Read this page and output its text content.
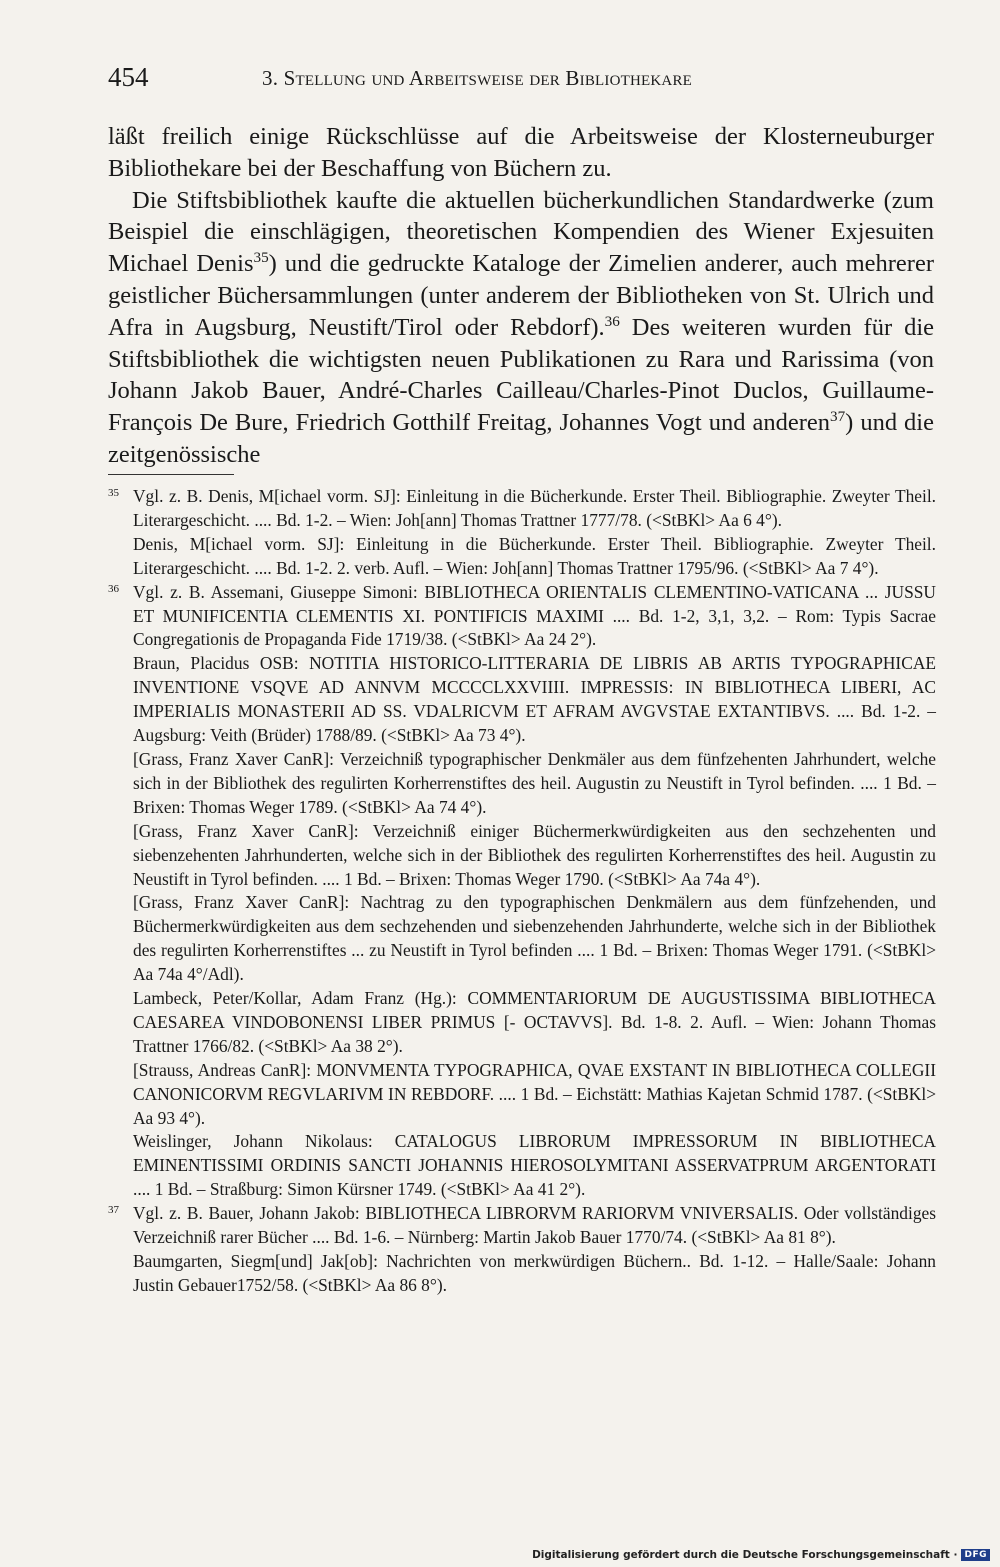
454	3. Stellung und Arbeitsweise der Bibliothekare

läßt freilich einige Rückschlüsse auf die Arbeitsweise der Klosterneuburger Bibliothekare bei der Beschaffung von Büchern zu.

Die Stiftsbibliothek kaufte die aktuellen bücherkundlichen Standardwerke (zum Beispiel die einschlägigen, theoretischen Kompendien des Wiener Exjesuiten Michael Denis$^{35}$) und die gedruckte Kataloge der Zimelien anderer, auch mehrerer geistlicher Büchersammlungen (unter anderem der Bibliotheken von St. Ulrich und Afra in Augsburg, Neustift/Tirol oder Rebdorf).$^{36}$ Des weiteren wurden für die Stiftsbibliothek die wichtigsten neuen Publikationen zu Rara und Rarissima (von Johann Jakob Bauer, André-Charles Cailleau/Charles-Pinot Duclos, Guillaume-François De Bure, Friedrich Gotthilf Freitag, Johannes Vogt und anderen$^{37}$) und die zeitgenössische

35 Vgl. z. B. Denis, M[ichael vorm. SJ]: Einleitung in die Bücherkunde. Erster Theil. Bibliographie. Zweyter Theil. Literargeschicht. .... Bd. 1-2. – Wien: Joh[ann] Thomas Trattner 1777/78. (<StBKl> Aa 6 4°).

Denis, M[ichael vorm. SJ]: Einleitung in die Bücherkunde. Erster Theil. Bibliographie. Zweyter Theil. Literargeschicht. .... Bd. 1-2. 2. verb. Aufl. – Wien: Joh[ann] Thomas Trattner 1795/96. (<StBKl> Aa 7 4°).

36 Vgl. z. B. Assemani, Giuseppe Simoni: BIBLIOTHECA ORIENTALIS CLEMENTINO-VATICANA ... JUSSU ET MUNIFICENTIA CLEMENTIS XI. PONTIFICIS MAXIMI .... Bd. 1-2, 3,1, 3,2. – Rom: Typis Sacrae Congregationis de Propaganda Fide 1719/38. (<StBKl> Aa 24 2°).

Braun, Placidus OSB: NOTITIA HISTORICO-LITTERARIA DE LIBRIS AB ARTIS TYPOGRAPHICAE INVENTIONE VSQVE AD ANNVM MCCCCLXXVIIII. IMPRESSIS: IN BIBLIOTHECA LIBERI, AC IMPERIALIS MONASTERII AD SS. VDALRICVM ET AFRAM AVGVSTAE EXTANTIBVS. .... Bd. 1-2. – Augsburg: Veith (Brüder) 1788/89. (<StBKl> Aa 73 4°).

[Grass, Franz Xaver CanR]: Verzeichniß typographischer Denkmäler aus dem fünfzehenten Jahrhundert, welche sich in der Bibliothek des regulirten Korherrenstiftes des heil. Augustin zu Neustift in Tyrol befinden. .... 1 Bd. – Brixen: Thomas Weger 1789. (<StBKl> Aa 74 4°).

[Grass, Franz Xaver CanR]: Verzeichniß einiger Büchermerkwürdigkeiten aus den sechzehenten und siebenzehenten Jahrhunderten, welche sich in der Bibliothek des regulirten Korherrenstiftes des heil. Augustin zu Neustift in Tyrol befinden. .... 1 Bd. – Brixen: Thomas Weger 1790. (<StBKl> Aa 74a 4°).

[Grass, Franz Xaver CanR]: Nachtrag zu den typographischen Denkmälern aus dem fünfzehenden, und Büchermerkwürdigkeiten aus dem sechzehenden und siebenzehenden Jahrhunderte, welche sich in der Bibliothek des regulirten Korherrenstiftes ... zu Neustift in Tyrol befinden .... 1 Bd. – Brixen: Thomas Weger 1791. (<StBKl> Aa 74a 4°/Adl).

Lambeck, Peter/Kollar, Adam Franz (Hg.): COMMENTARIORUM DE AUGUSTISSIMA BIBLIOTHECA CAESAREA VINDOBONENSI LIBER PRIMUS [- OCTAVVS]. Bd. 1-8. 2. Aufl. – Wien: Johann Thomas Trattner 1766/82. (<StBKl> Aa 38 2°).

[Strauss, Andreas CanR]: MONVMENTA TYPOGRAPHICA, QVAE EXSTANT IN BIBLIOTHECA COLLEGII CANONICORVM REGVLARIVM IN REBDORF. .... 1 Bd. – Eichstätt: Mathias Kajetan Schmid 1787. (<StBKl> Aa 93 4°).

Weislinger, Johann Nikolaus: CATALOGUS LIBRORUM IMPRESSORUM IN BIBLIOTHECA EMINENTISSIMI ORDINIS SANCTI JOHANNIS HIEROSOLYMITANI ASSERVATPRUM ARGENTORATI .... 1 Bd. – Straßburg: Simon Kürsner 1749. (<StBKl> Aa 41 2°).

37 Vgl. z. B. Bauer, Johann Jakob: BIBLIOTHECA LIBRORVM RARIORVM VNIVERSALIS. Oder vollständiges Verzeichniß rarer Bücher .... Bd. 1-6. – Nürnberg: Martin Jakob Bauer 1770/74. (<StBKl> Aa 81 8°).

Baumgarten, Siegm[und] Jak[ob]: Nachrichten von merkwürdigen Büchern.. Bd. 1-12. – Halle/Saale: Johann Justin Gebauer1752/58. (<StBKl> Aa 86 8°).

Digitalisierung gefördert durch die Deutsche Forschungsgemeinschaft · DFG
